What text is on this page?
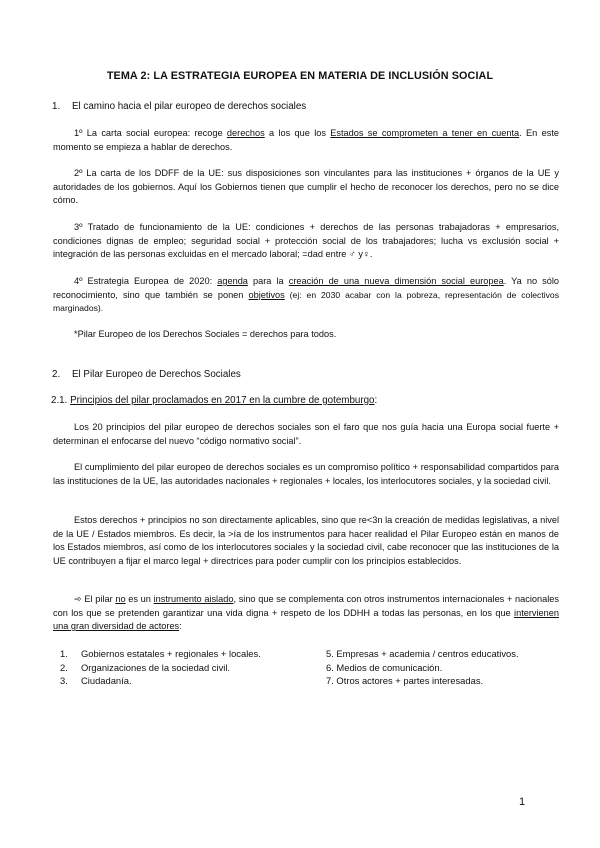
TEMA 2: LA ESTRATEGIA EUROPEA EN MATERIA DE INCLUSIÓN SOCIAL
1. El camino hacia el pilar europeo de derechos sociales

1º La carta social europea: recoge derechos a los que los Estados se comprometen a tener en cuenta. En este momento se empieza a hablar de derechos.

2º La carta de los DDFF de la UE: sus disposiciones son vinculantes para las instituciones + órganos de la UE y autoridades de los gobiernos. Aquí los Gobiernos tienen que cumplir el hecho de reconocer los derechos, pero no se dice cómo.

3º Tratado de funcionamiento de la UE: condiciones + derechos de las personas trabajadoras + empresarios, condiciones dignas de empleo; seguridad social + protección social de los trabajadores; lucha vs exclusión social + integración de las personas excluidas en el mercado laboral; =dad entre ♂ y♀.

4º Estrategia Europea de 2020: agenda para la creación de una nueva dimensión social europea. Ya no sólo reconocimiento, sino que también se ponen objetivos (ej: en 2030 acabar con la pobreza, representación de colectivos marginados).

*Pilar Europeo de los Derechos Sociales = derechos para todos.

2. El Pilar Europeo de Derechos Sociales
2.1. Principios del pilar proclamados en 2017 en la cumbre de gotemburgo:

Los 20 principios del pilar europeo de derechos sociales son el faro que nos guía hacia una Europa social fuerte + determinan el enfocarse del nuevo “código normativo social”.

El cumplimiento del pilar europeo de derechos sociales es un compromiso político + responsabilidad compartidos para las instituciones de la UE, las autoridades nacionales + regionales + locales, los interlocutores sociales, y la sociedad civil.

Estos derechos + principios no son directamente aplicables, sino que re<3n la creación de medidas legislativas, a nivel de la UE / Estados miembros. Es decir, la >ía de los instrumentos para hacer realidad el Pilar Europeo están en manos de los Estados miembros, así como de los interlocutores sociales y la sociedad civil, cabe reconocer que las instituciones de la UE contribuyen a fijar el marco legal + directrices para poder cumplir con los principios establecidos.

➾ El pilar no es un instrumento aislado, sino que se complementa con otros instrumentos internacionales + nacionales con los que se pretenden garantizar una vida digna + respeto de los DDHH a todas las personas, en los que intervienen una gran diversidad de actores:

1. Gobiernos estatales + regionales + locales.
2. Organizaciones de la sociedad civil.
3. Ciudadanía.
5. Empresas + academia / centros educativos.
6. Medios de comunicación.
7. Otros actores + partes interesadas.
1
